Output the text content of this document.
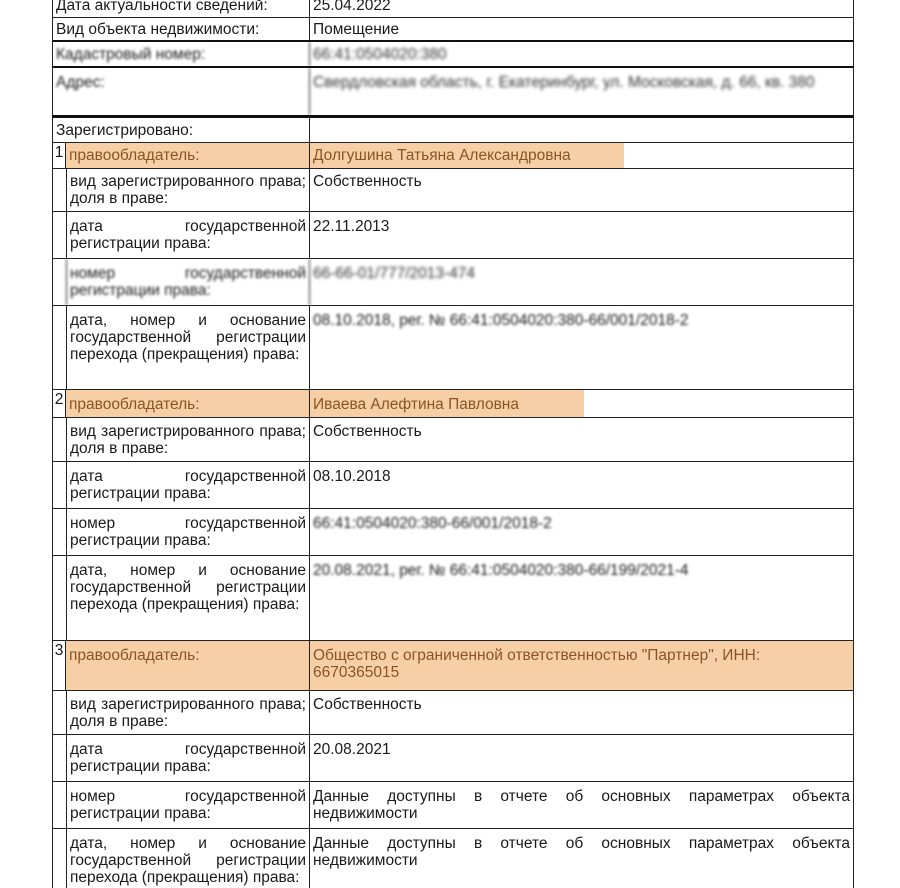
Дата актуальности сведений:	25.04.2022
Вид объекта недвижимости:	Помещение
Кадастровый номер:	66:41:0504020:380
Адрес:	Свердловская область, г. Екатеринбург, ул. Московская, д. 66, кв. 380
Зарегистрировано:
1 правообладатель:	Долгушина Татьяна Александровна
вид зарегистрированного права; доля в праве:
Собственность
дата государственной регистрации права:
22.11.2013
номер государственной регистрации права:
66-66-01/777/2013-474
дата, номер и основание государственной регистрации перехода (прекращения) права:
08.10.2018, рег. № 66:41:0504020:380-66/001/2018-2
2 правообладатель:	Иваева Алефтина Павловна
вид зарегистрированного права; доля в праве:
Собственность
дата государственной регистрации права:
08.10.2018
номер государственной регистрации права:
66:41:0504020:380-66/001/2018-2
дата, номер и основание государственной регистрации перехода (прекращения) права:
20.08.2021, рег. № 66:41:0504020:380-66/199/2021-4
3 правообладатель:	Общество с ограниченной ответственностью "Партнер", ИНН: 6670365015
вид зарегистрированного права; доля в праве:
Собственность
дата государственной регистрации права:
20.08.2021
номер государственной регистрации права:
Данные доступны в отчете об основных параметрах объекта недвижимости
дата, номер и основание государственной регистрации перехода (прекращения) права:
Данные доступны в отчете об основных параметрах объекта недвижимости
